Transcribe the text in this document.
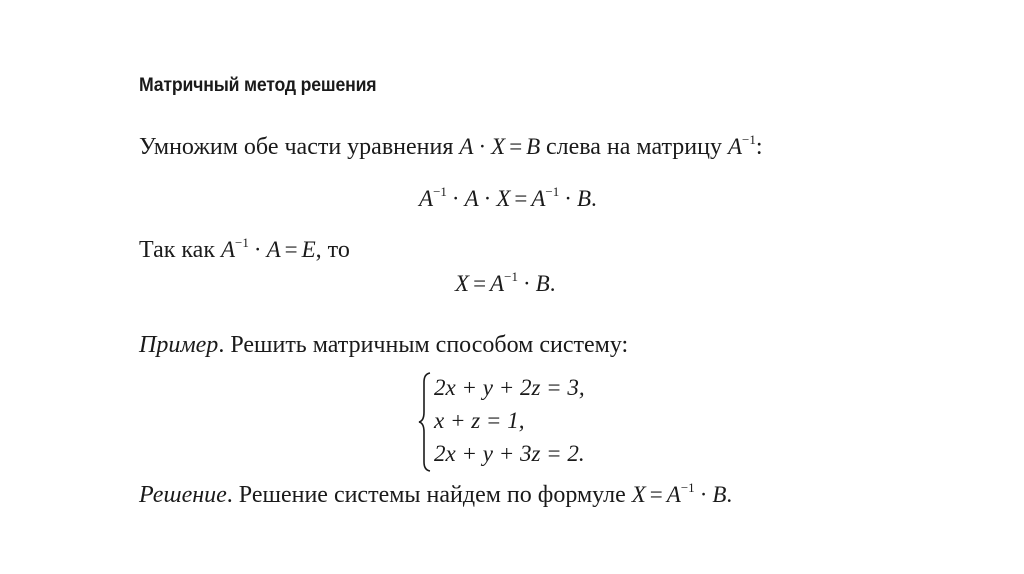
Матричный метод решения
Умножим обе части уравнения A · X = B слева на матрицу $A^{-1}$:
$A^{-1} \cdot A \cdot X = A^{-1} \cdot B$.
Так как $A^{-1} \cdot A = E$, то
$X = A^{-1} \cdot B$.
Пример. Решить матричным способом систему:
2x + y + 2z = 3,
x + z = 1,
2x + y + 3z = 2.
Решение. Решение системы найдем по формуле $X = A^{-1} \cdot B$.
